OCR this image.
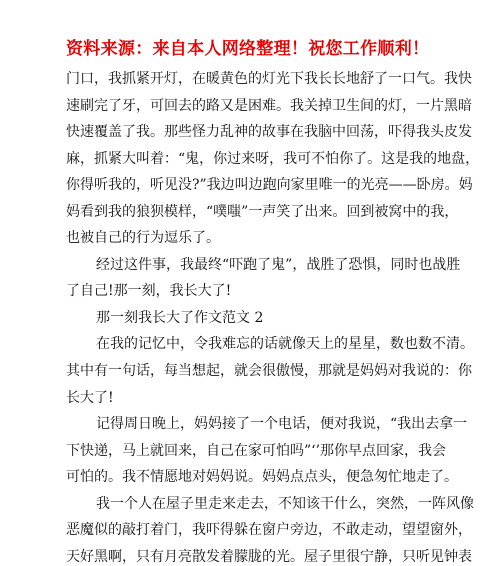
资料来源：来自本人网络整理！祝您工作顺利！
门口，我抓紧开灯，在暖黄色的灯光下我长长地舒了一口气。我快
速刷完了牙，可回去的路又是困难。我关掉卫生间的灯，一片黑暗
快速覆盖了我。那些怪力乱神的故事在我脑中回荡，吓得我头皮发
麻，抓紧大叫着：“鬼，你过来呀，我可不怕你了。这是我的地盘，
你得听我的，听见没?”我边叫边跑向家里唯一的光亮——卧房。妈
妈看到我的狼狈模样，“噗嗤”一声笑了出来。回到被窝中的我，
也被自己的行为逗乐了。
经过这件事，我最终“吓跑了鬼”，战胜了恐惧，同时也战胜
了自己!那一刻，我长大了!
那一刻我长大了作文范文 2
在我的记忆中，令我难忘的话就像天上的星星，数也数不清。
其中有一句话，每当想起，就会很傲慢，那就是妈妈对我说的：你
长大了!
记得周日晚上，妈妈接了一个电话，便对我说，“我出去拿一
下快递，马上就回来，自己在家可怕吗”‘’那你早点回家，我会
可怕的。我不情愿地对妈妈说。妈妈点点头，便急匆忙地走了。
我一个人在屋子里走来走去，不知该干什么，突然，一阵风像
恶魔似的敲打着门，我吓得躲在窗户旁边，不敢走动，望望窗外，
天好黑啊，只有月亮散发着朦胧的光。屋子里很宁静，只听见钟表
